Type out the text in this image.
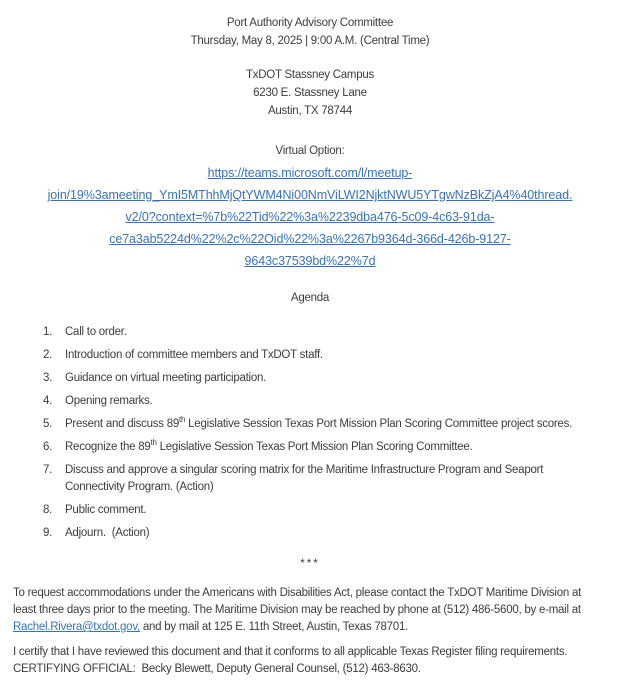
Port Authority Advisory Committee
Thursday, May 8, 2025 | 9:00 A.M. (Central Time)
TxDOT Stassney Campus
6230 E. Stassney Lane
Austin, TX 78744
Virtual Option:
https://teams.microsoft.com/l/meetup-
join/19%3ameeting_YmI5MThhMjQtYWM4Ni00NmViLWI2NjktNWU5YTgwNzBkZjA4%40thread.
v2/0?context=%7b%22Tid%22%3a%2239dba476-5c09-4c63-91da-
ce7a3ab5224d%22%2c%22Oid%22%3a%2267b9364d-366d-426b-9127-
9643c37539bd%22%7d
Agenda
1.	Call to order.
2.	Introduction of committee members and TxDOT staff.
3.	Guidance on virtual meeting participation.
4.	Opening remarks.
5.	Present and discuss 89th Legislative Session Texas Port Mission Plan Scoring Committee project scores.
6.	Recognize the 89th Legislative Session Texas Port Mission Plan Scoring Committee.
7.	Discuss and approve a singular scoring matrix for the Maritime Infrastructure Program and Seaport Connectivity Program. (Action)
8.	Public comment.
9.	Adjourn.  (Action)
***

To request accommodations under the Americans with Disabilities Act, please contact the TxDOT Maritime Division at least three days prior to the meeting. The Maritime Division may be reached by phone at (512) 486-5600, by e-mail at Rachel.Rivera@txdot.gov, and by mail at 125 E. 11th Street, Austin, Texas 78701.

I certify that I have reviewed this document and that it conforms to all applicable Texas Register filing requirements.
CERTIFYING OFFICIAL:  Becky Blewett, Deputy General Counsel, (512) 463-8630.
